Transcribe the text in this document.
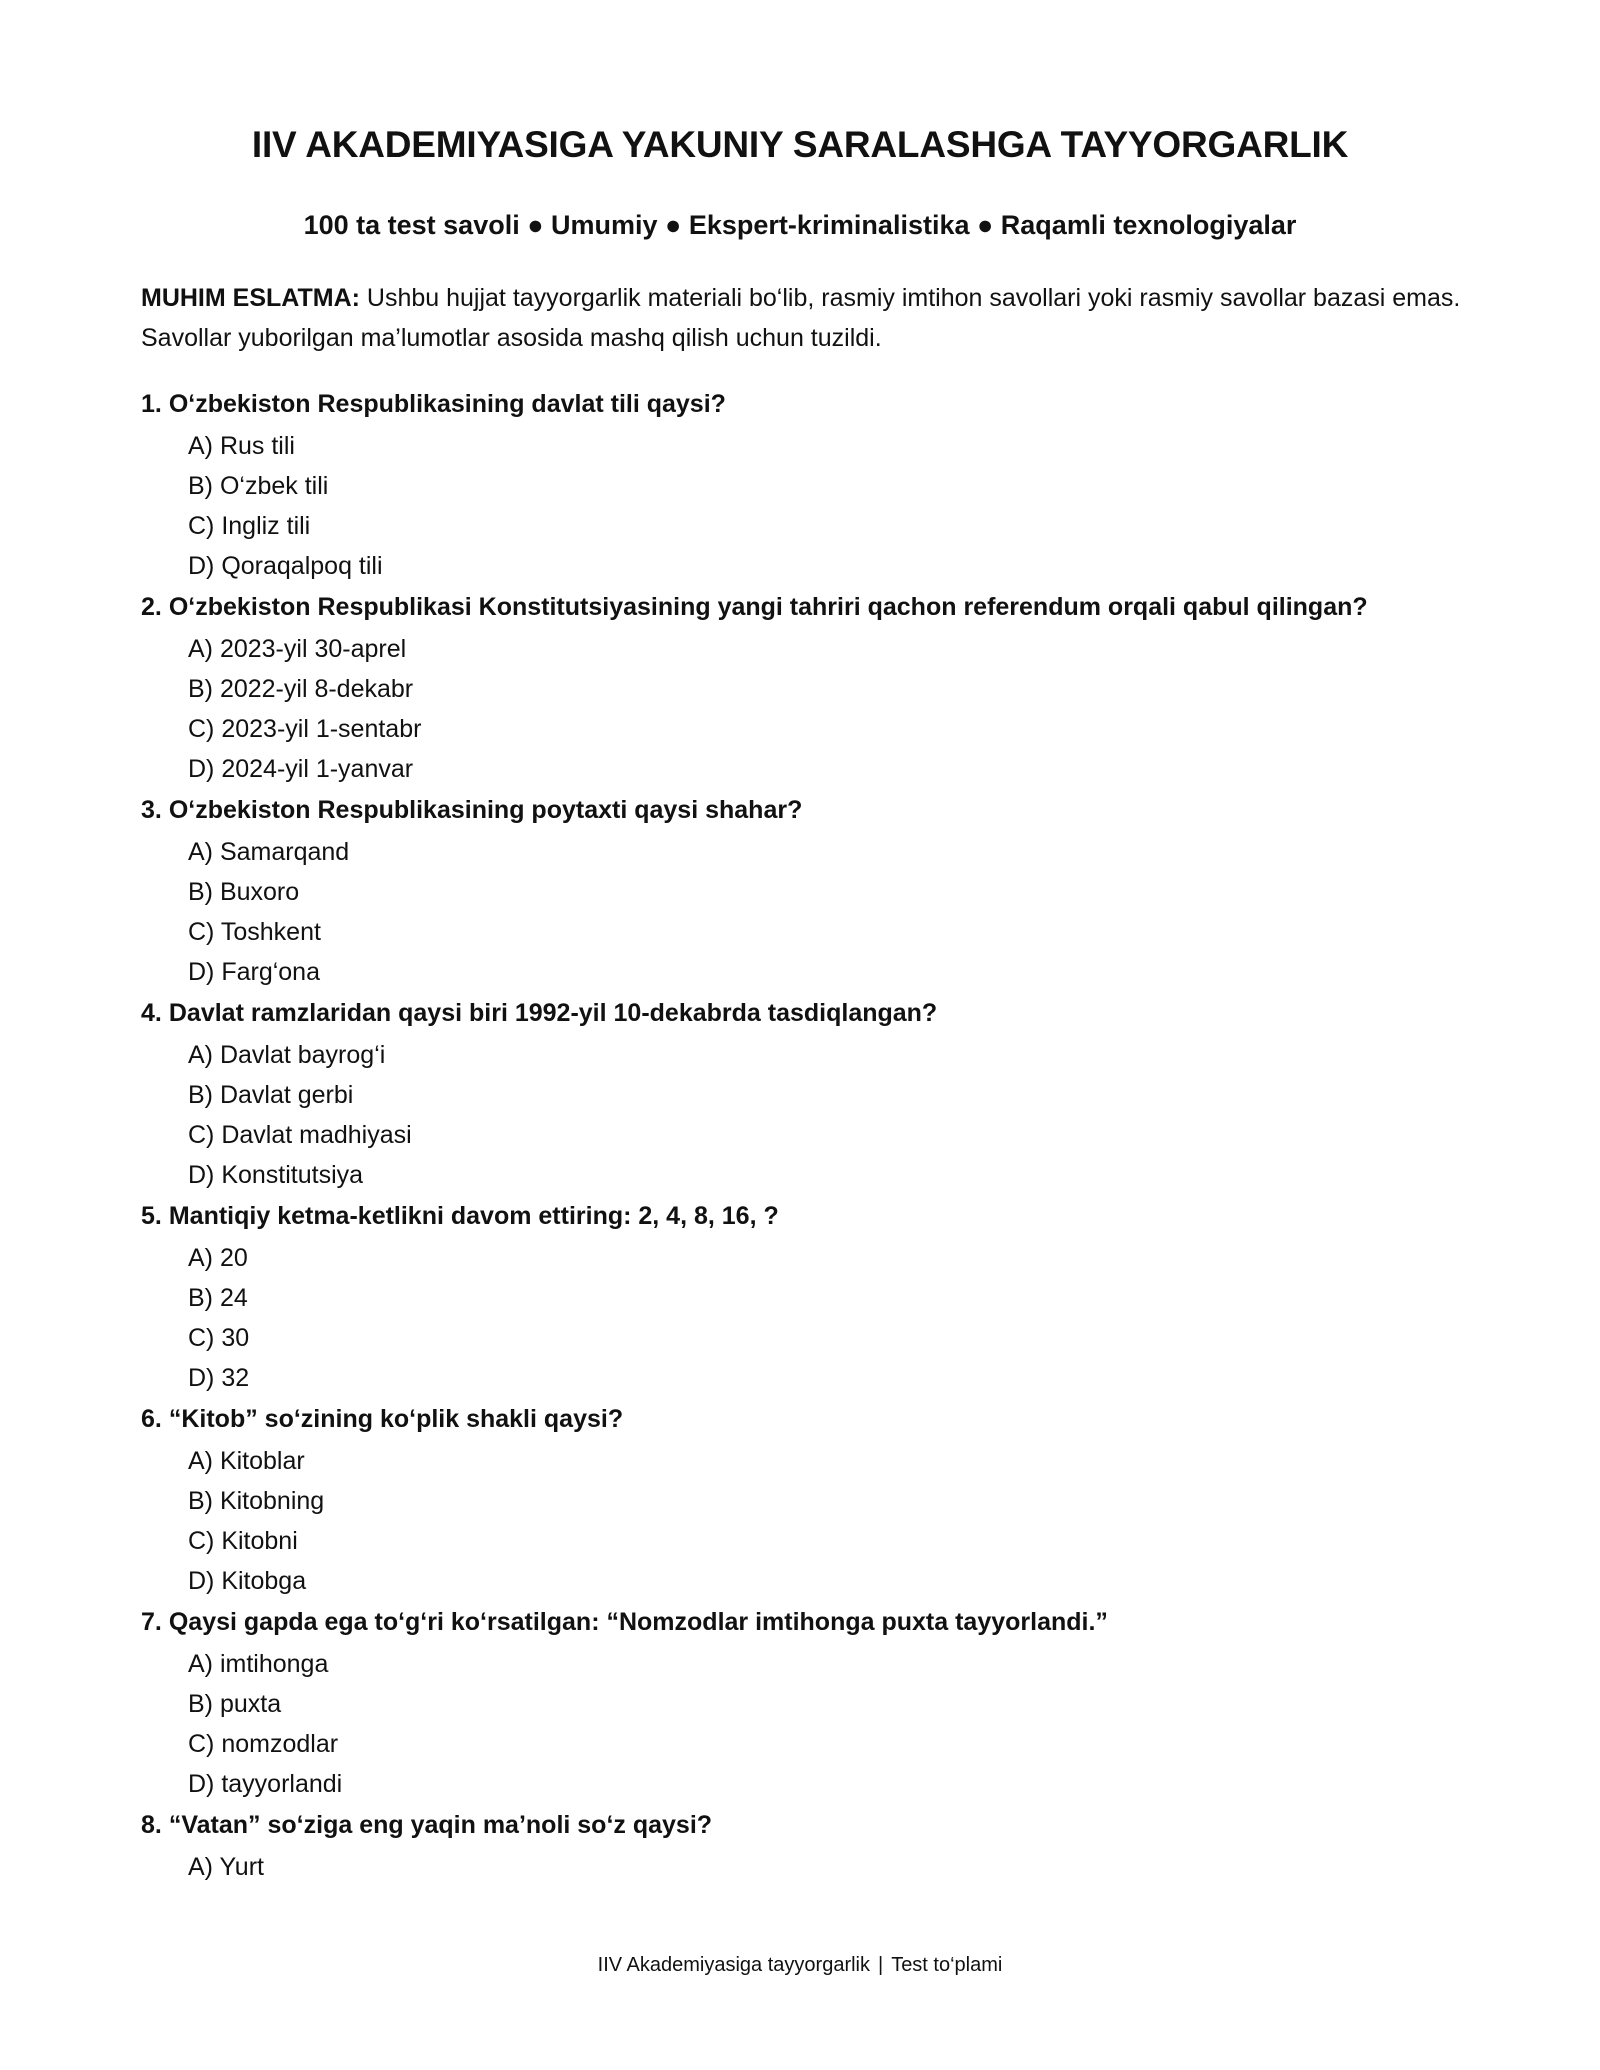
IIV AKADEMIYASIGA YAKUNIY SARALASHGA TAYYORGARLIK
100 ta test savoli ● Umumiy ● Ekspert-kriminalistika ● Raqamli texnologiyalar
MUHIM ESLATMA: Ushbu hujjat tayyorgarlik materiali bo‘lib, rasmiy imtihon savollari yoki rasmiy savollar bazasi emas. Savollar yuborilgan ma’lumotlar asosida mashq qilish uchun tuzildi.
1. O‘zbekiston Respublikasining davlat tili qaysi?
A) Rus tili
B) O‘zbek tili
C) Ingliz tili
D) Qoraqalpoq tili
2. O‘zbekiston Respublikasi Konstitutsiyasining yangi tahriri qachon referendum orqali qabul qilingan?
A) 2023-yil 30-aprel
B) 2022-yil 8-dekabr
C) 2023-yil 1-sentabr
D) 2024-yil 1-yanvar
3. O‘zbekiston Respublikasining poytaxti qaysi shahar?
A) Samarqand
B) Buxoro
C) Toshkent
D) Farg‘ona
4. Davlat ramzlaridan qaysi biri 1992-yil 10-dekabrda tasdiqlangan?
A) Davlat bayrog‘i
B) Davlat gerbi
C) Davlat madhiyasi
D) Konstitutsiya
5. Mantiqiy ketma-ketlikni davom ettiring: 2, 4, 8, 16, ?
A) 20
B) 24
C) 30
D) 32
6. “Kitob” so‘zining ko‘plik shakli qaysi?
A) Kitoblar
B) Kitobning
C) Kitobni
D) Kitobga
7. Qaysi gapda ega to‘g‘ri ko‘rsatilgan: “Nomzodlar imtihonga puxta tayyorlandi.”
A) imtihonga
B) puxta
C) nomzodlar
D) tayyorlandi
8. “Vatan” so‘ziga eng yaqin ma’noli so‘z qaysi?
A) Yurt
IIV Akademiyasiga tayyorgarlik | Test to‘plami
